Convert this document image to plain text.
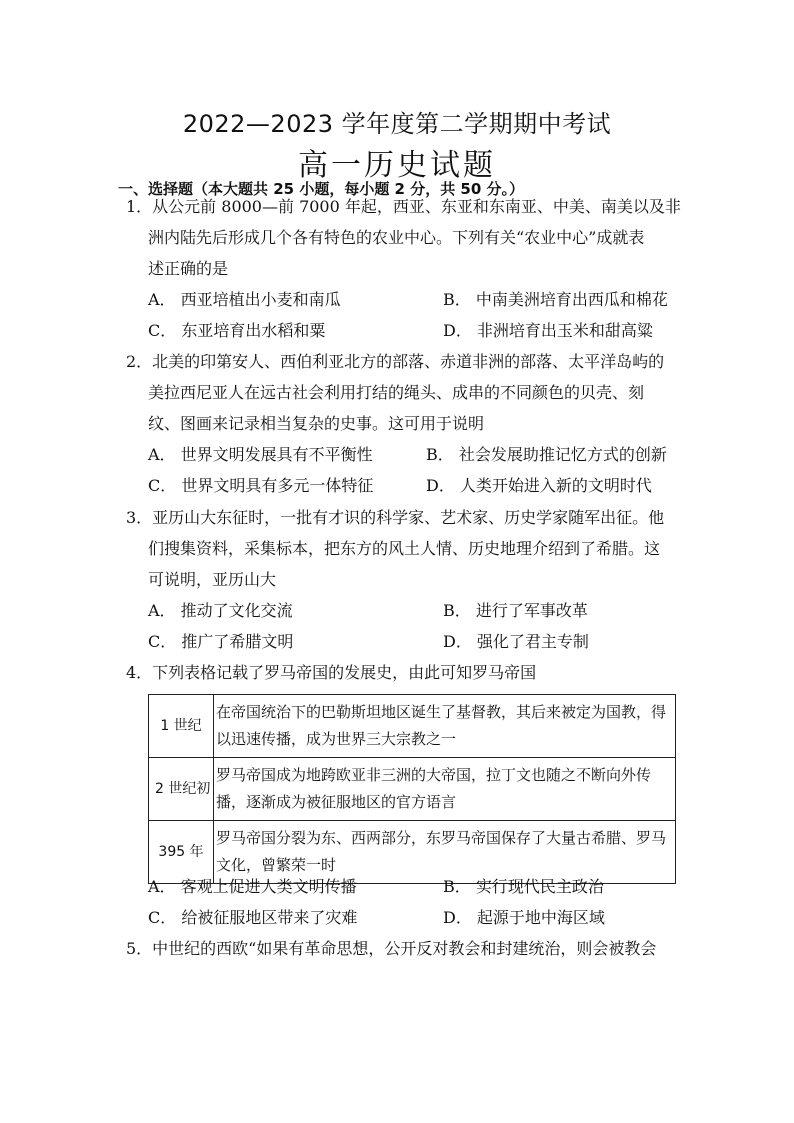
2022—2023 学年度第二学期期中考试
高一历史试题
一、选择题（本大题共 25 小题，每小题 2 分，共 50 分。）
1．从公元前 8000—前 7000 年起，西亚、东亚和东南亚、中美、南美以及非
洲内陆先后形成几个各有特色的农业中心。下列有关“农业中心”成就表
述正确的是
A． 西亚培植出小麦和南瓜	B． 中南美洲培育出西瓜和棉花
C． 东亚培育出水稻和粟	D． 非洲培育出玉米和甜高粱
2．北美的印第安人、西伯利亚北方的部落、赤道非洲的部落、太平洋岛屿的
美拉西尼亚人在远古社会利用打结的绳头、成串的不同颜色的贝壳、刻
纹、图画来记录相当复杂的史事。这可用于说明
A． 世界文明发展具有不平衡性	B． 社会发展助推记忆方式的创新
C． 世界文明具有多元一体特征	D． 人类开始进入新的文明时代
3．亚历山大东征时，一批有才识的科学家、艺术家、历史学家随军出征。他
们搜集资料，采集标本，把东方的风土人情、历史地理介绍到了希腊。这
可说明，亚历山大
A． 推动了文化交流	B． 进行了军事改革
C． 推广了希腊文明	D． 强化了君主专制
4．下列表格记载了罗马帝国的发展史，由此可知罗马帝国
1 世纪	在帝国统治下的巴勒斯坦地区诞生了基督教，其后来被定为国教，得以迅速传播，成为世界三大宗教之一
2 世纪初	罗马帝国成为地跨欧亚非三洲的大帝国，拉丁文也随之不断向外传播，逐渐成为被征服地区的官方语言
395 年	罗马帝国分裂为东、西两部分，东罗马帝国保存了大量古希腊、罗马文化，曾繁荣一时
A． 客观上促进人类文明传播	B． 实行现代民主政治
C． 给被征服地区带来了灾难	D． 起源于地中海区域
5．中世纪的西欧“如果有革命思想，公开反对教会和封建统治，则会被教会
